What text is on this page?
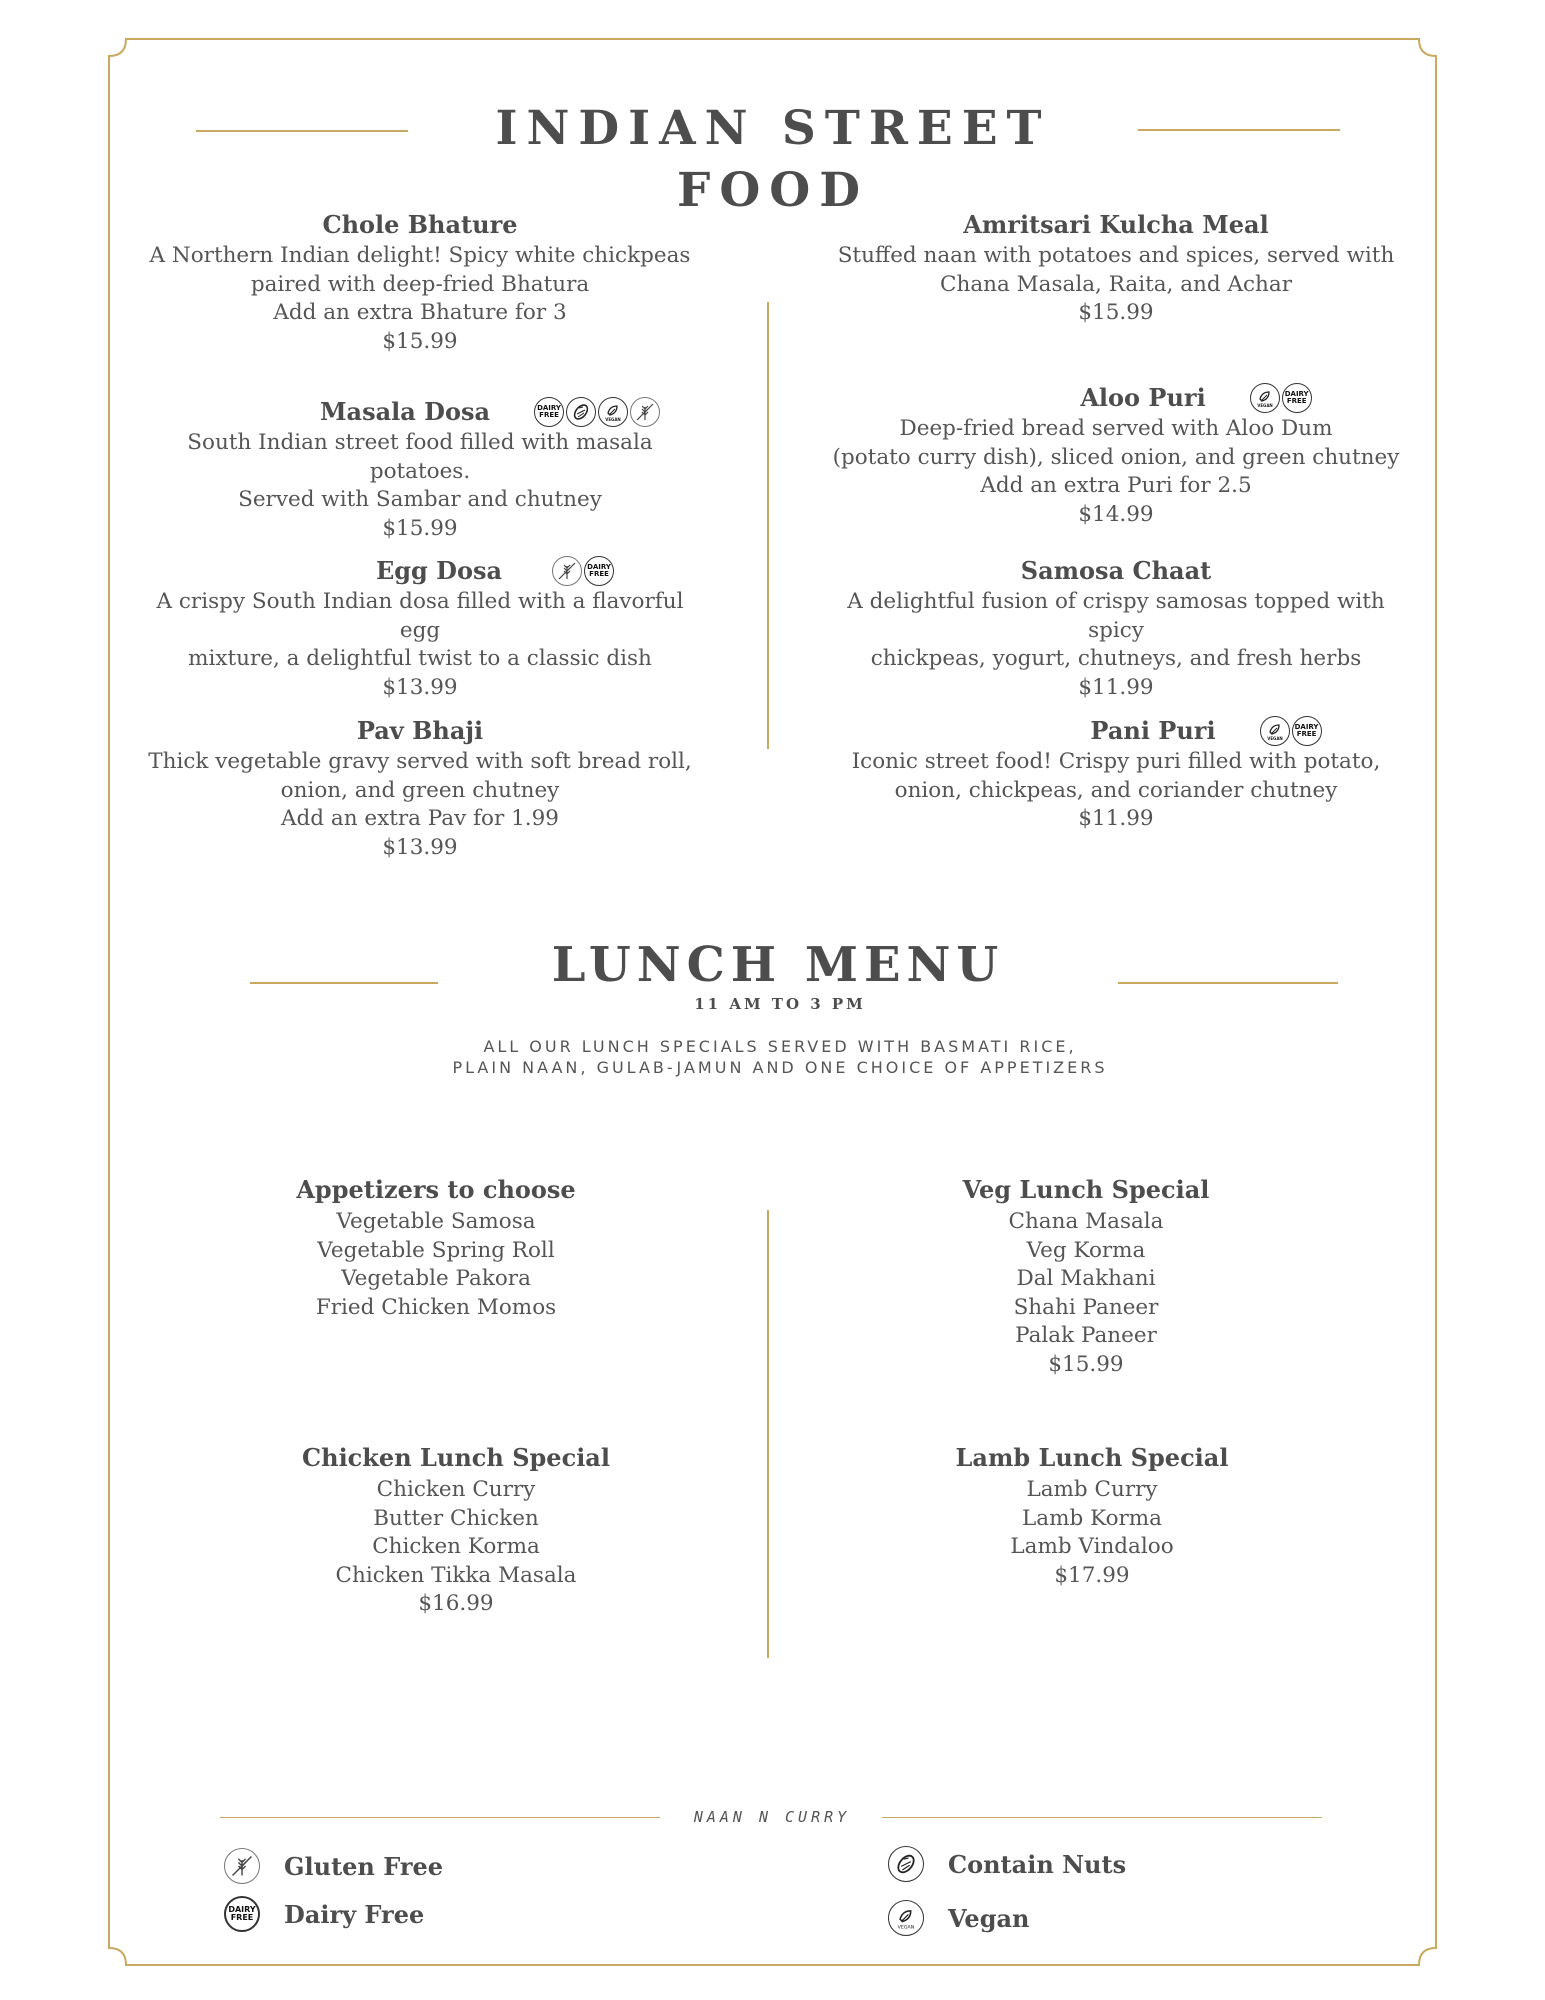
INDIAN STREET FOOD
Chole Bhature
A Northern Indian delight! Spicy white chickpeas
paired with deep-fried Bhatura
Add an extra Bhature for 3
$15.99
Masala Dosa	DAIRY FREE
VEGAN
South Indian street food filled with masala potatoes.
Served with Sambar and chutney
$15.99
Egg Dosa	DAIRY FREE
A crispy South Indian dosa filled with a flavorful egg
mixture, a delightful twist to a classic dish
$13.99
Pav Bhaji
Thick vegetable gravy served with soft bread roll,
onion, and green chutney
Add an extra Pav for 1.99
$13.99
Amritsari Kulcha Meal
Stuffed naan with potatoes and spices, served with
Chana Masala, Raita, and Achar
$15.99
Aloo Puri	VEGAN
DAIRY FREE
Deep-fried bread served with Aloo Dum
(potato curry dish), sliced onion, and green chutney
Add an extra Puri for 2.5
$14.99
Samosa Chaat
A delightful fusion of crispy samosas topped with spicy
chickpeas, yogurt, chutneys, and fresh herbs
$11.99
Pani Puri	VEGAN
DAIRY FREE
Iconic street food! Crispy puri filled with potato,
onion, chickpeas, and coriander chutney
$11.99
LUNCH MENU
11 AM TO 3 PM
ALL OUR LUNCH SPECIALS SERVED WITH BASMATI RICE,
PLAIN NAAN, GULAB-JAMUN AND ONE CHOICE OF APPETIZERS
Appetizers to choose
Vegetable Samosa
Vegetable Spring Roll
Vegetable Pakora
Fried Chicken Momos
Veg Lunch Special
Chana Masala
Veg Korma
Dal Makhani
Shahi Paneer
Palak Paneer
$15.99
Chicken Lunch Special
Chicken Curry
Butter Chicken
Chicken Korma
Chicken Tikka Masala
$16.99
Lamb Lunch Special
Lamb Curry
Lamb Korma
Lamb Vindaloo
$17.99
NAAN N CURRY
Gluten Free
DAIRY FREE Dairy Free
Contain Nuts
VEGAN Vegan
